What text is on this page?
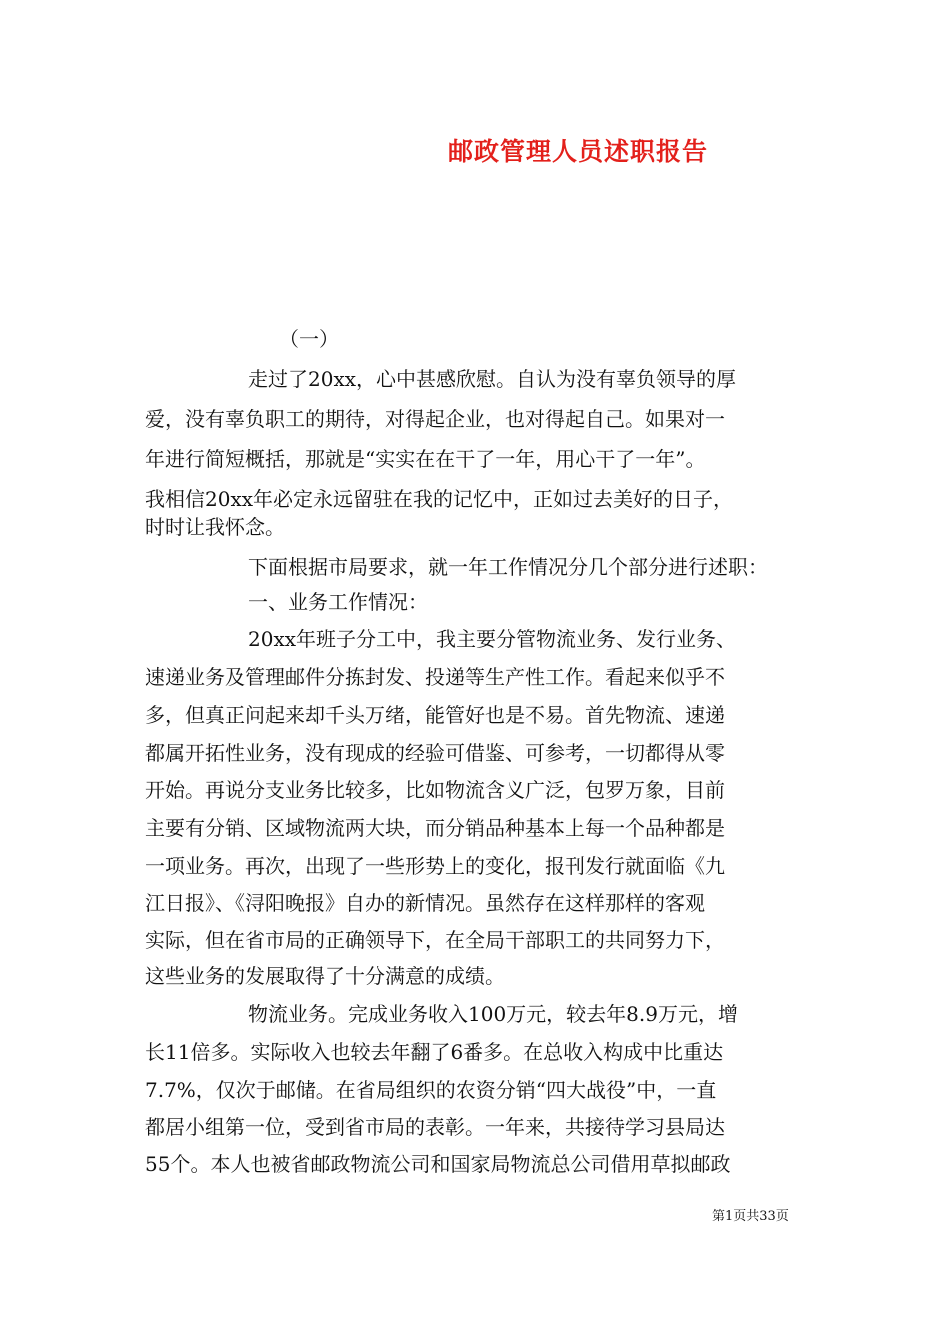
邮政管理人员述职报告
（一）
走过了20xx，心中甚感欣慰。自认为没有辜负领导的厚
爱，没有辜负职工的期待，对得起企业，也对得起自己。如果对一
年进行简短概括，那就是“实实在在干了一年，用心干了一年”。
我相信20xx年必定永远留驻在我的记忆中，正如过去美好的日子，
时时让我怀念。
下面根据市局要求，就一年工作情况分几个部分进行述职：
一、业务工作情况：
20xx年班子分工中，我主要分管物流业务、发行业务、
速递业务及管理邮件分拣封发、投递等生产性工作。看起来似乎不
多，但真正问起来却千头万绪，能管好也是不易。首先物流、速递
都属开拓性业务，没有现成的经验可借鉴、可参考，一切都得从零
开始。再说分支业务比较多，比如物流含义广泛，包罗万象，目前
主要有分销、区域物流两大块，而分销品种基本上每一个品种都是
一项业务。再次，出现了一些形势上的变化，报刊发行就面临《九
江日报》、《浔阳晚报》自办的新情况。虽然存在这样那样的客观
实际，但在省市局的正确领导下，在全局干部职工的共同努力下，
这些业务的发展取得了十分满意的成绩。
物流业务。完成业务收入100万元，较去年8.9万元，增
长11倍多。实际收入也较去年翻了6番多。在总收入构成中比重达
7.7%，仅次于邮储。在省局组织的农资分销“四大战役”中，一直
都居小组第一位，受到省市局的表彰。一年来，共接待学习县局达
55个。本人也被省邮政物流公司和国家局物流总公司借用草拟邮政
第1页共33页
